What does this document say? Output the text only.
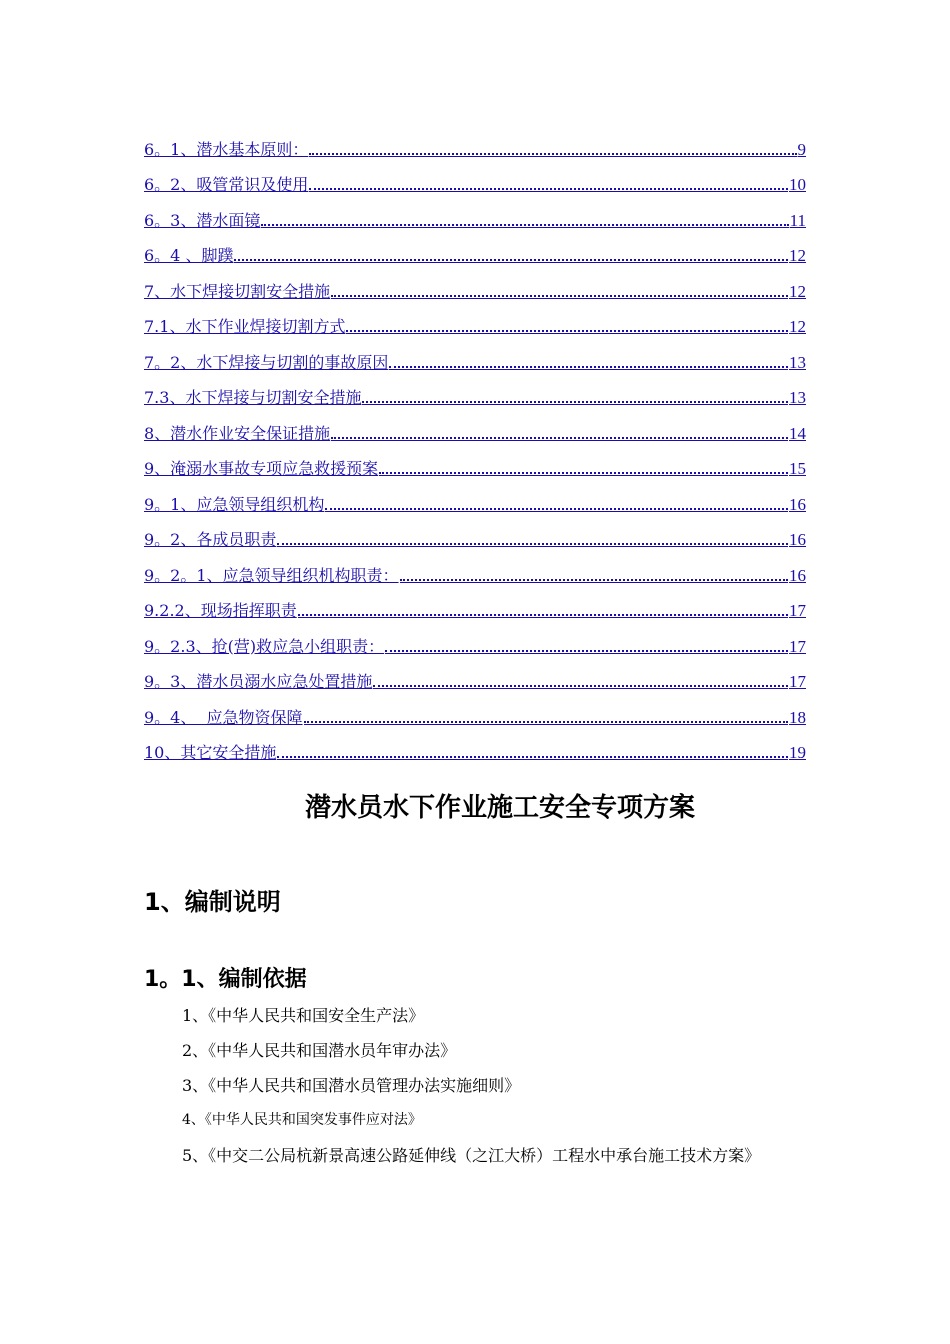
6。1、潜水基本原则：	9
6。2、吸管常识及使用	10
6。3、潜水面镜	11
6。4 、脚蹼	12
7、水下焊接切割安全措施	12
7.1、水下作业焊接切割方式	12
7。2、水下焊接与切割的事故原因	13
7.3、水下焊接与切割安全措施	13
8、潜水作业安全保证措施	14
9、淹溺水事故专项应急救援预案	15
9。1、应急领导组织机构	16
9。2、各成员职责	16
9。2。1、应急领导组织机构职责：	16
9.2.2、现场指挥职责	17
9。2.3、抢(营)救应急小组职责：	17
9。3、潜水员溺水应急处置措施	17
9。4、  应急物资保障	18
10、其它安全措施	19
潜水员水下作业施工安全专项方案
1、编制说明
1。1、编制依据

1、《中华人民共和国安全生产法》

2、《中华人民共和国潜水员年审办法》

3、《中华人民共和国潜水员管理办法实施细则》

4、《中华人民共和国突发事件应对法》

5、《中交二公局杭新景高速公路延伸线（之江大桥）工程水中承台施工技术方案》
